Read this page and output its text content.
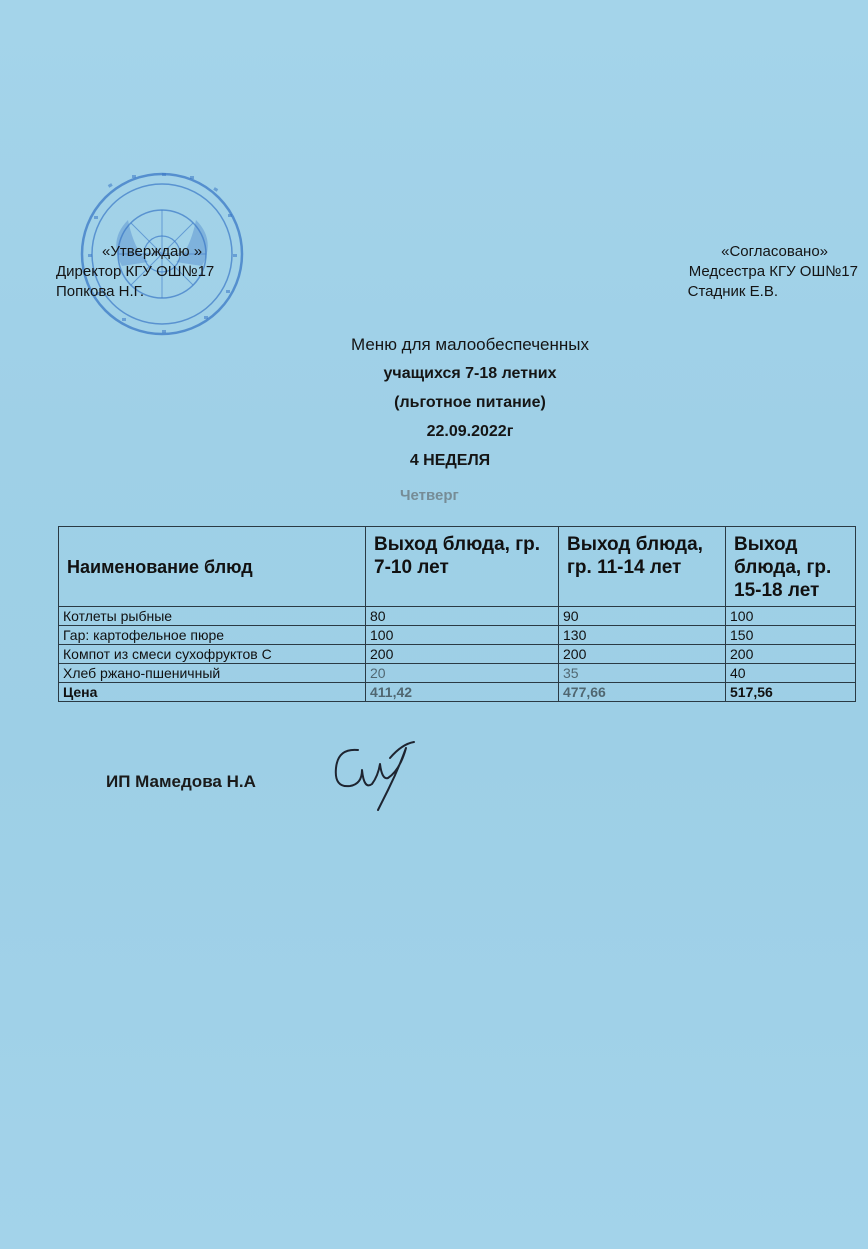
«Утверждаю »
Директор КГУ ОШ№17
Попкова Н.Г.
«Согласовано»
Медсестра КГУ ОШ№17
Стадник Е.В.
Меню для малообеспеченных
учащихся 7-18 летних
(льготное питание)
22.09.2022г
4 НЕДЕЛЯ
Четверг
Наименование блюд	Выход блюда, гр. 7-10 лет	Выход блюда, гр. 11-14 лет	Выход блюда, гр. 15-18 лет
Котлеты рыбные	80	90	100
Гар: картофельное пюре	100	130	150
Компот из смеси сухофруктов С	200	200	200
Хлеб ржано-пшеничный	20	35	40
Цена	411,42	477,66	517,56
ИП Мамедова Н.А
